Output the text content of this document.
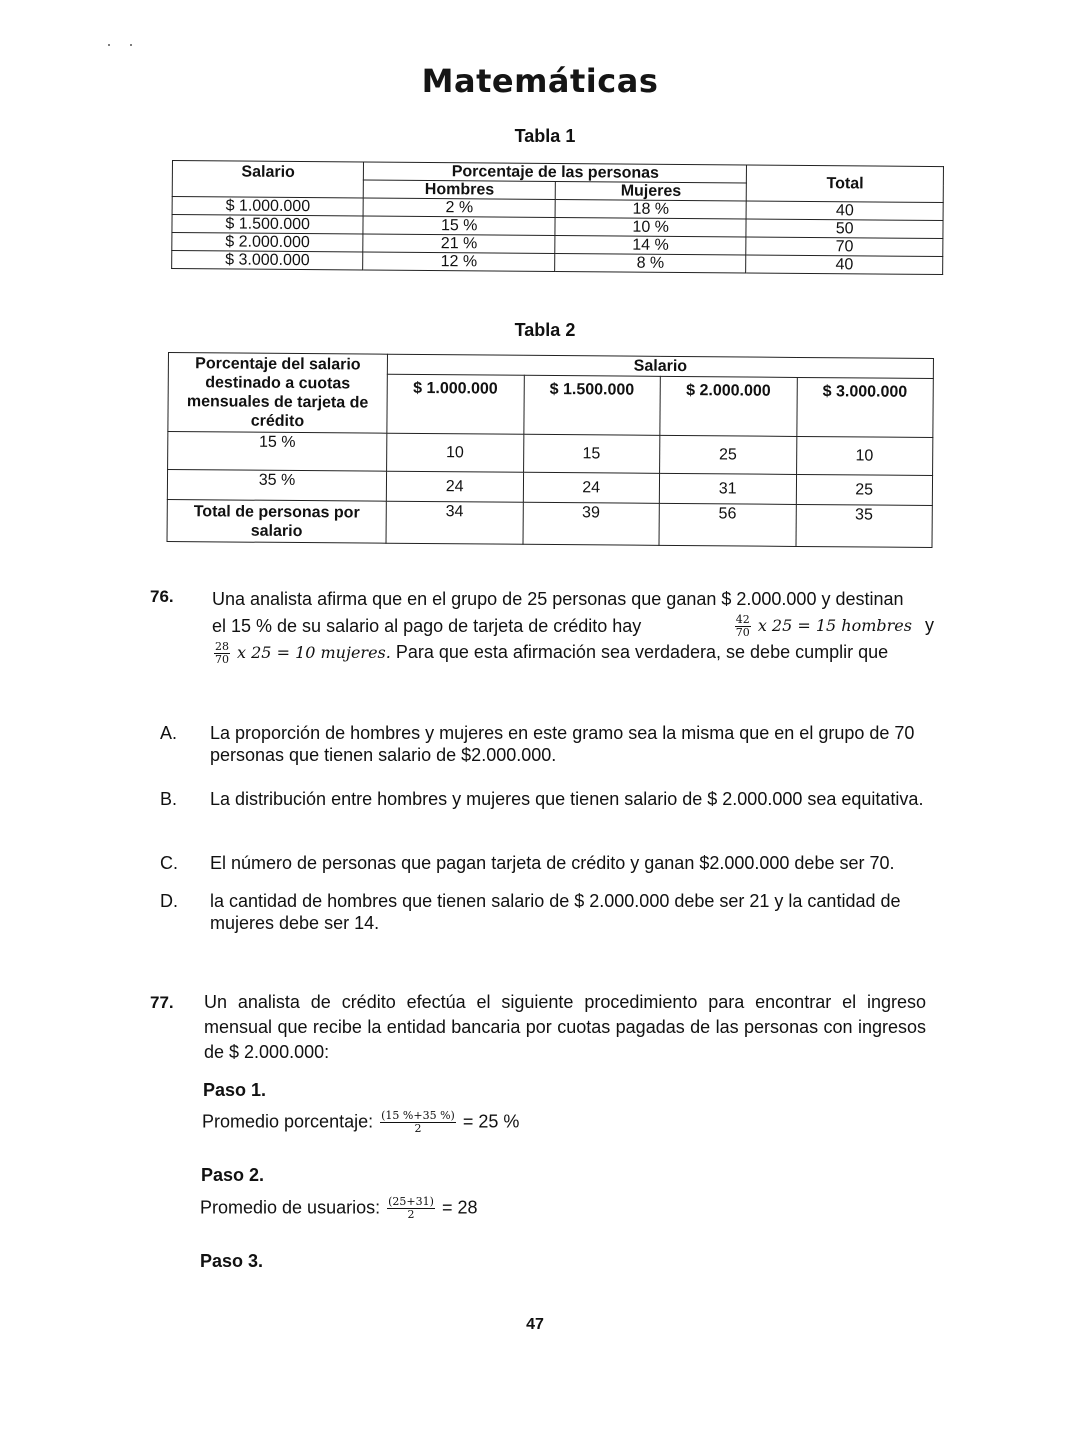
Matemáticas
Tabla 1
Salario	Porcentaje de las personas		Total
	Hombres	Mujeres	
$ 1.000.000	2 %	18 %	40
$ 1.500.000	15 %	10 %	50
$ 2.000.000	21 %	14 %	70
$ 3.000.000	12 %	8 %	40
Tabla 2
Porcentaje del salario destinado a cuotas mensuales de tarjeta de crédito	Salario			
	$ 1.000.000	$ 1.500.000	$ 2.000.000	$ 3.000.000
15 %	10	15	25	10
35 %	24	24	31	25
Total de personas por salario	34	39	56	35
76. Una analista afirma que en el grupo de 25 personas que ganan $ 2.000.000 y destinan
el 15 % de su salario al pago de tarjeta de crédito hay	$\frac{42}{70}$ x 25 = 15 hombres y
$\frac{28}{70}$ x 25 = 10 mujeres. Para que esta afirmación sea verdadera, se debe cumplir que
A. La proporción de hombres y mujeres en este gramo sea la misma que en el grupo de 70 personas que tienen salario de $2.000.000.
B. La distribución entre hombres y mujeres que tienen salario de $ 2.000.000 sea equitativa.
C. El número de personas que pagan tarjeta de crédito y ganan $2.000.000 debe ser 70.
D. la cantidad de hombres que tienen salario de $ 2.000.000 debe ser 21 y la cantidad de mujeres debe ser 14.
77. Un analista de crédito efectúa el siguiente procedimiento para encontrar el ingreso mensual que recibe la entidad bancaria por cuotas pagadas de las personas con ingresos de $ 2.000.000:
Paso 1.
Promedio porcentaje: $\frac{(15 \%+35 \%)}{2} = 25$ %
Paso 2.
Promedio de usuarios: $\frac{(25+31)}{2} = 28$
Paso 3.
47
